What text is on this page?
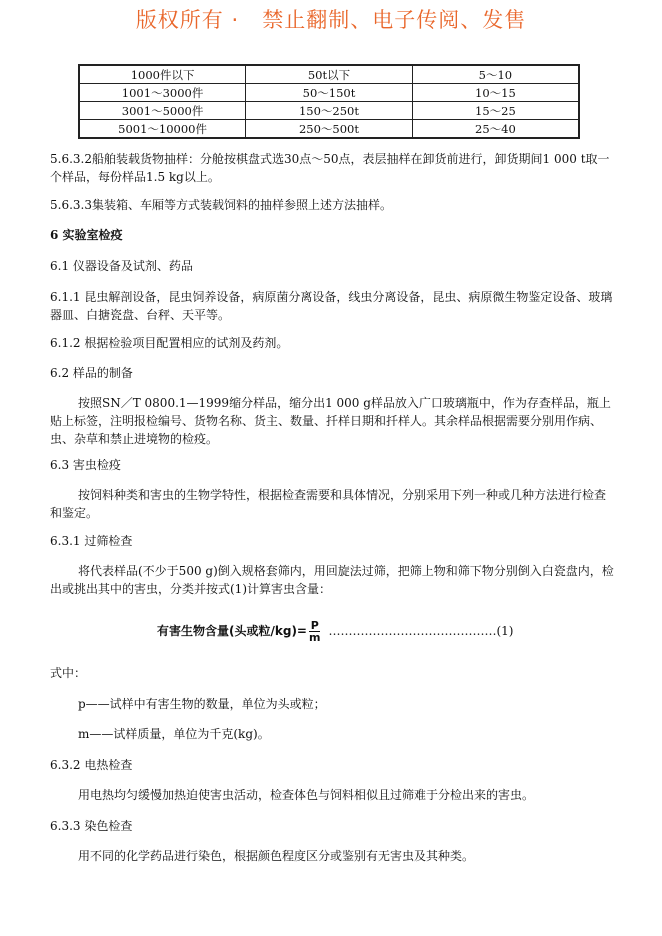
版权所有 ·   禁止翻制、电子传阅、发售
1000件以下	50t以下	5～10
1001～3000件	50～150t	10～15
3001～5000件	150～250t	15～25
5001～10000件	250～500t	25～40
5.6.3.2船舶装载货物抽样：分舱按棋盘式选30点～50点，表层抽样在卸货前进行，卸货期间1 000 t取一个样品，每份样品1.5 kg以上。
5.6.3.3集装箱、车厢等方式装载饲料的抽样参照上述方法抽样。
6 实验室检疫
6.1 仪器设备及试剂、药品
6.1.1 昆虫解剖设备，昆虫饲养设备，病原菌分离设备，线虫分离设备，昆虫、病原微生物鉴定设备、玻璃器皿、白搪瓷盘、台秤、天平等。
6.1.2 根据检验项目配置相应的试剂及药剂。
6.2 样品的制备
按照SN／T 0800.1—1999缩分样品，缩分出1 000 g样品放入广口玻璃瓶中，作为存查样品，瓶上贴上标签，注明报检编号、货物名称、货主、数量、扦样日期和扦样人。其余样品根据需要分别用作病、虫、杂草和禁止进境物的检疫。
6.3 害虫检疫
按饲料种类和害虫的生物学特性，根据检查需要和具体情况，分别采用下列一种或几种方法进行检查和鉴定。
6.3.1 过筛检查
将代表样品(不少于500 g)倒入规格套筛内，用回旋法过筛，把筛上物和筛下物分别倒入白瓷盘内，检出或挑出其中的害虫，分类并按式(1)计算害虫含量：
有害生物含量(头或粒$/kg)= \frac{P}{m}$ ……………………………………(1)
式中：
p——试样中有害生物的数量，单位为头或粒；
m——试样质量，单位为千克(kg)。
6.3.2 电热检查
用电热均匀缓慢加热迫使害虫活动，检查体色与饲料相似且过筛难于分检出来的害虫。
6.3.3 染色检查
用不同的化学药品进行染色，根据颜色程度区分或鉴别有无害虫及其种类。
